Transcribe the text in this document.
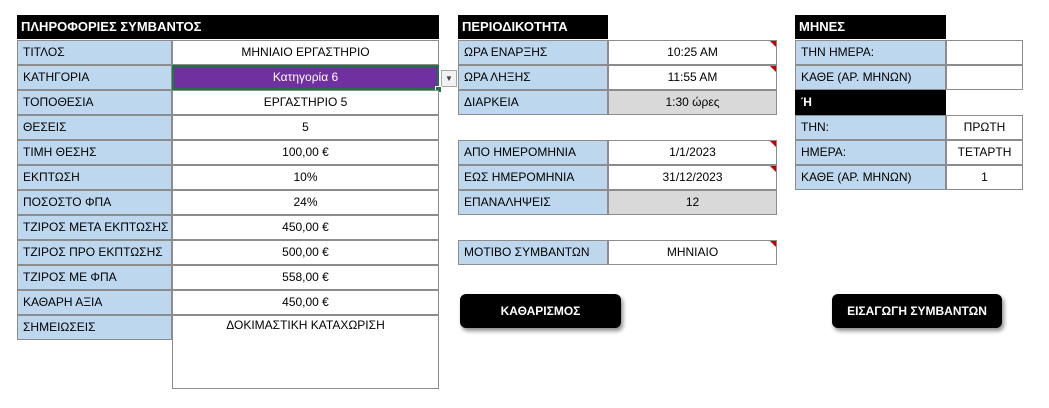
ΠΛΗΡΟΦΟΡΙΕΣ ΣΥΜΒΑΝΤΟΣ
ΤΙΤΛΟΣ	ΜΗΝΙΑΙΟ ΕΡΓΑΣΤΗΡΙΟ
ΚΑΤΗΓΟΡΙΑ	Κατηγορία 6	▼
ΤΟΠΟΘΕΣΙΑ	ΕΡΓΑΣΤΗΡΙΟ 5
ΘΕΣΕΙΣ	5
ΤΙΜΗ ΘΕΣΗΣ	100,00 €
ΕΚΠΤΩΣΗ	10%
ΠΟΣΟΣΤΟ ΦΠΑ	24%
ΤΖΙΡΟΣ ΜΕΤΑ ΕΚΠΤΩΣΗΣ	450,00 €
ΤΖΙΡΟΣ ΠΡΟ ΕΚΠΤΩΣΗΣ	500,00 €
ΤΖΙΡΟΣ ΜΕ ΦΠΑ	558,00 €
ΚΑΘΑΡΗ ΑΞΙΑ	450,00 €
ΣΗΜΕΙΩΣΕΙΣ	ΔΟΚΙΜΑΣΤΙΚΗ ΚΑΤΑΧΩΡΙΣΗ
ΠΕΡΙΟΔΙΚΟΤΗΤΑ
ΩΡΑ ΕΝΑΡΞΗΣ	10:25 AM
ΩΡΑ ΛΗΞΗΣ	11:55 AM
ΔΙΑΡΚΕΙΑ	1:30 ώρες
ΑΠΟ ΗΜΕΡΟΜΗΝΙΑ	1/1/2023
ΕΩΣ ΗΜΕΡΟΜΗΝΙΑ	31/12/2023
ΕΠΑΝΑΛΗΨΕΙΣ	12
ΜΟΤΙΒΟ ΣΥΜΒΑΝΤΩΝ	ΜΗΝΙΑΙΟ
ΜΗΝΕΣ
ΤΗΝ ΗΜΕΡΑ:
ΚΑΘΕ (ΑΡ. ΜΗΝΩΝ)
Ή
ΤΗΝ:	ΠΡΩΤΗ
ΗΜΕΡΑ:	ΤΕΤΑΡΤΗ
ΚΑΘΕ (ΑΡ. ΜΗΝΩΝ)	1
ΚΑΘΑΡΙΣΜΟΣ	ΕΙΣΑΓΩΓΗ ΣΥΜΒΑΝΤΩΝ
